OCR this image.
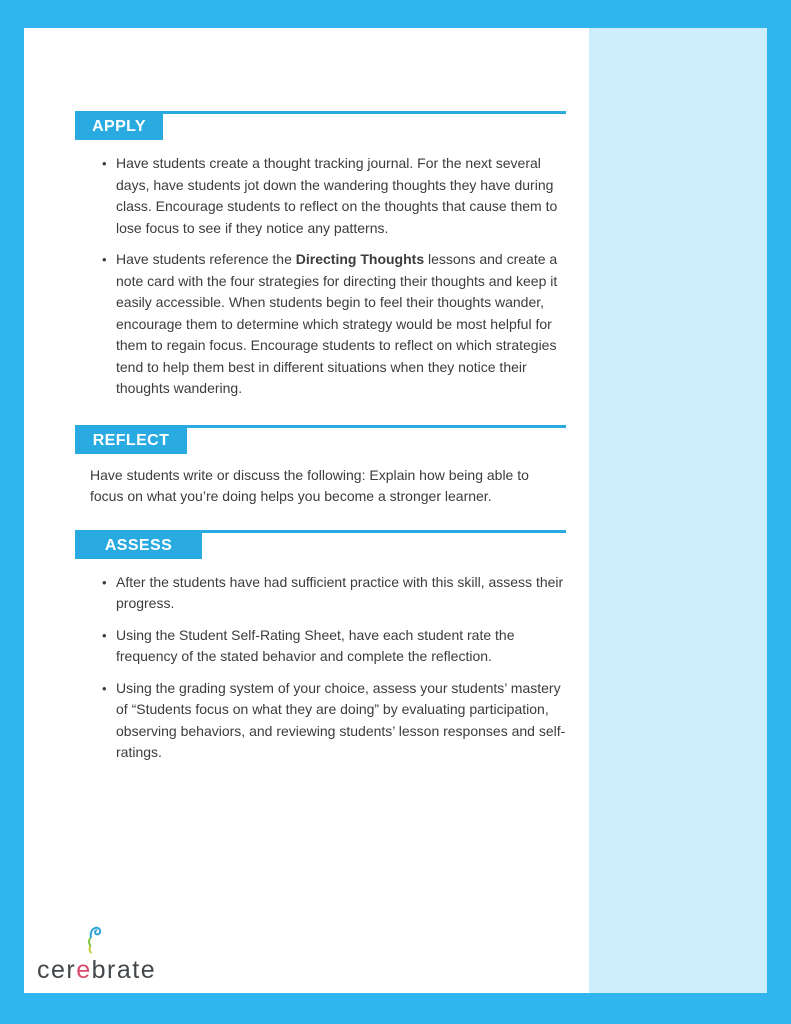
APPLY
• Have students create a thought tracking journal. For the next several days, have students jot down the wandering thoughts they have during class. Encourage students to reflect on the thoughts that cause them to lose focus to see if they notice any patterns.
• Have students reference the Directing Thoughts lessons and create a note card with the four strategies for directing their thoughts and keep it easily accessible. When students begin to feel their thoughts wander, encourage them to determine which strategy would be most helpful for them to regain focus. Encourage students to reflect on which strategies tend to help them best in different situations when they notice their thoughts wandering.
REFLECT

Have students write or discuss the following: Explain how being able to focus on what you’re doing helps you become a stronger learner.

ASSESS
• After the students have had sufficient practice with this skill, assess their progress.
• Using the Student Self-Rating Sheet, have each student rate the frequency of the stated behavior and complete the reflection.
• Using the grading system of your choice, assess your students’ mastery of “Students focus on what they are doing” by evaluating participation, observing behaviors, and reviewing students’ lesson responses and self-ratings.
cerebrate
